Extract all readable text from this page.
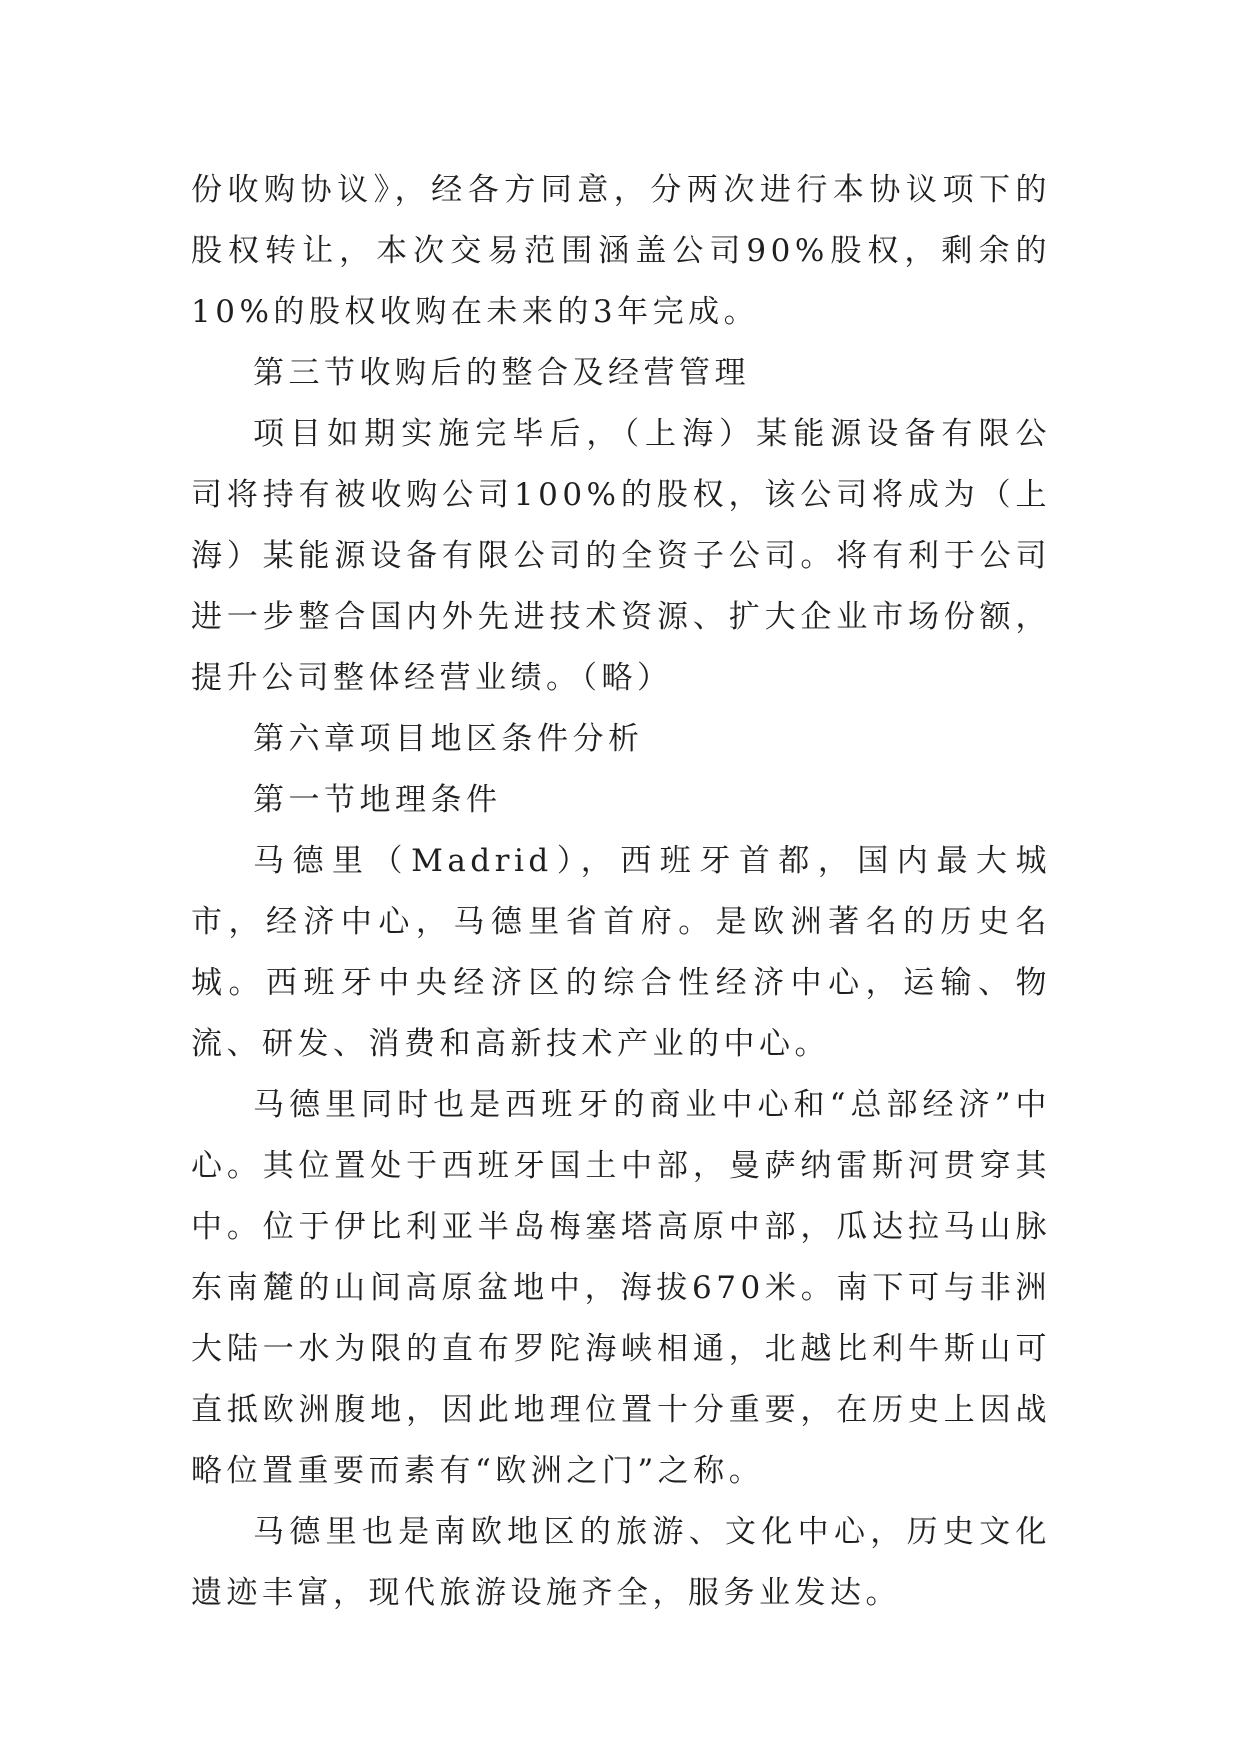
份收购协议》，经各方同意，分两次进行本协议项下的股权转让，本次交易范围涵盖公司90%股权，剩余的10%的股权收购在未来的3年完成。

第三节收购后的整合及经营管理

项目如期实施完毕后，（上海）某能源设备有限公司将持有被收购公司100%的股权，该公司将成为（上海）某能源设备有限公司的全资子公司。将有利于公司进一步整合国内外先进技术资源、扩大企业市场份额，提升公司整体经营业绩。（略）

第六章项目地区条件分析

第一节地理条件

马德里（Madrid），西班牙首都，国内最大城市，经济中心，马德里省首府。是欧洲著名的历史名城。西班牙中央经济区的综合性经济中心，运输、物流、研发、消费和高新技术产业的中心。

马德里同时也是西班牙的商业中心和“总部经济”中心。其位置处于西班牙国土中部，曼萨纳雷斯河贯穿其中。位于伊比利亚半岛梅塞塔高原中部，瓜达拉马山脉东南麓的山间高原盆地中，海拔670米。南下可与非洲大陆一水为限的直布罗陀海峡相通，北越比利牛斯山可直抵欧洲腹地，因此地理位置十分重要，在历史上因战略位置重要而素有“欧洲之门”之称。

马德里也是南欧地区的旅游、文化中心，历史文化遗迹丰富，现代旅游设施齐全，服务业发达。
